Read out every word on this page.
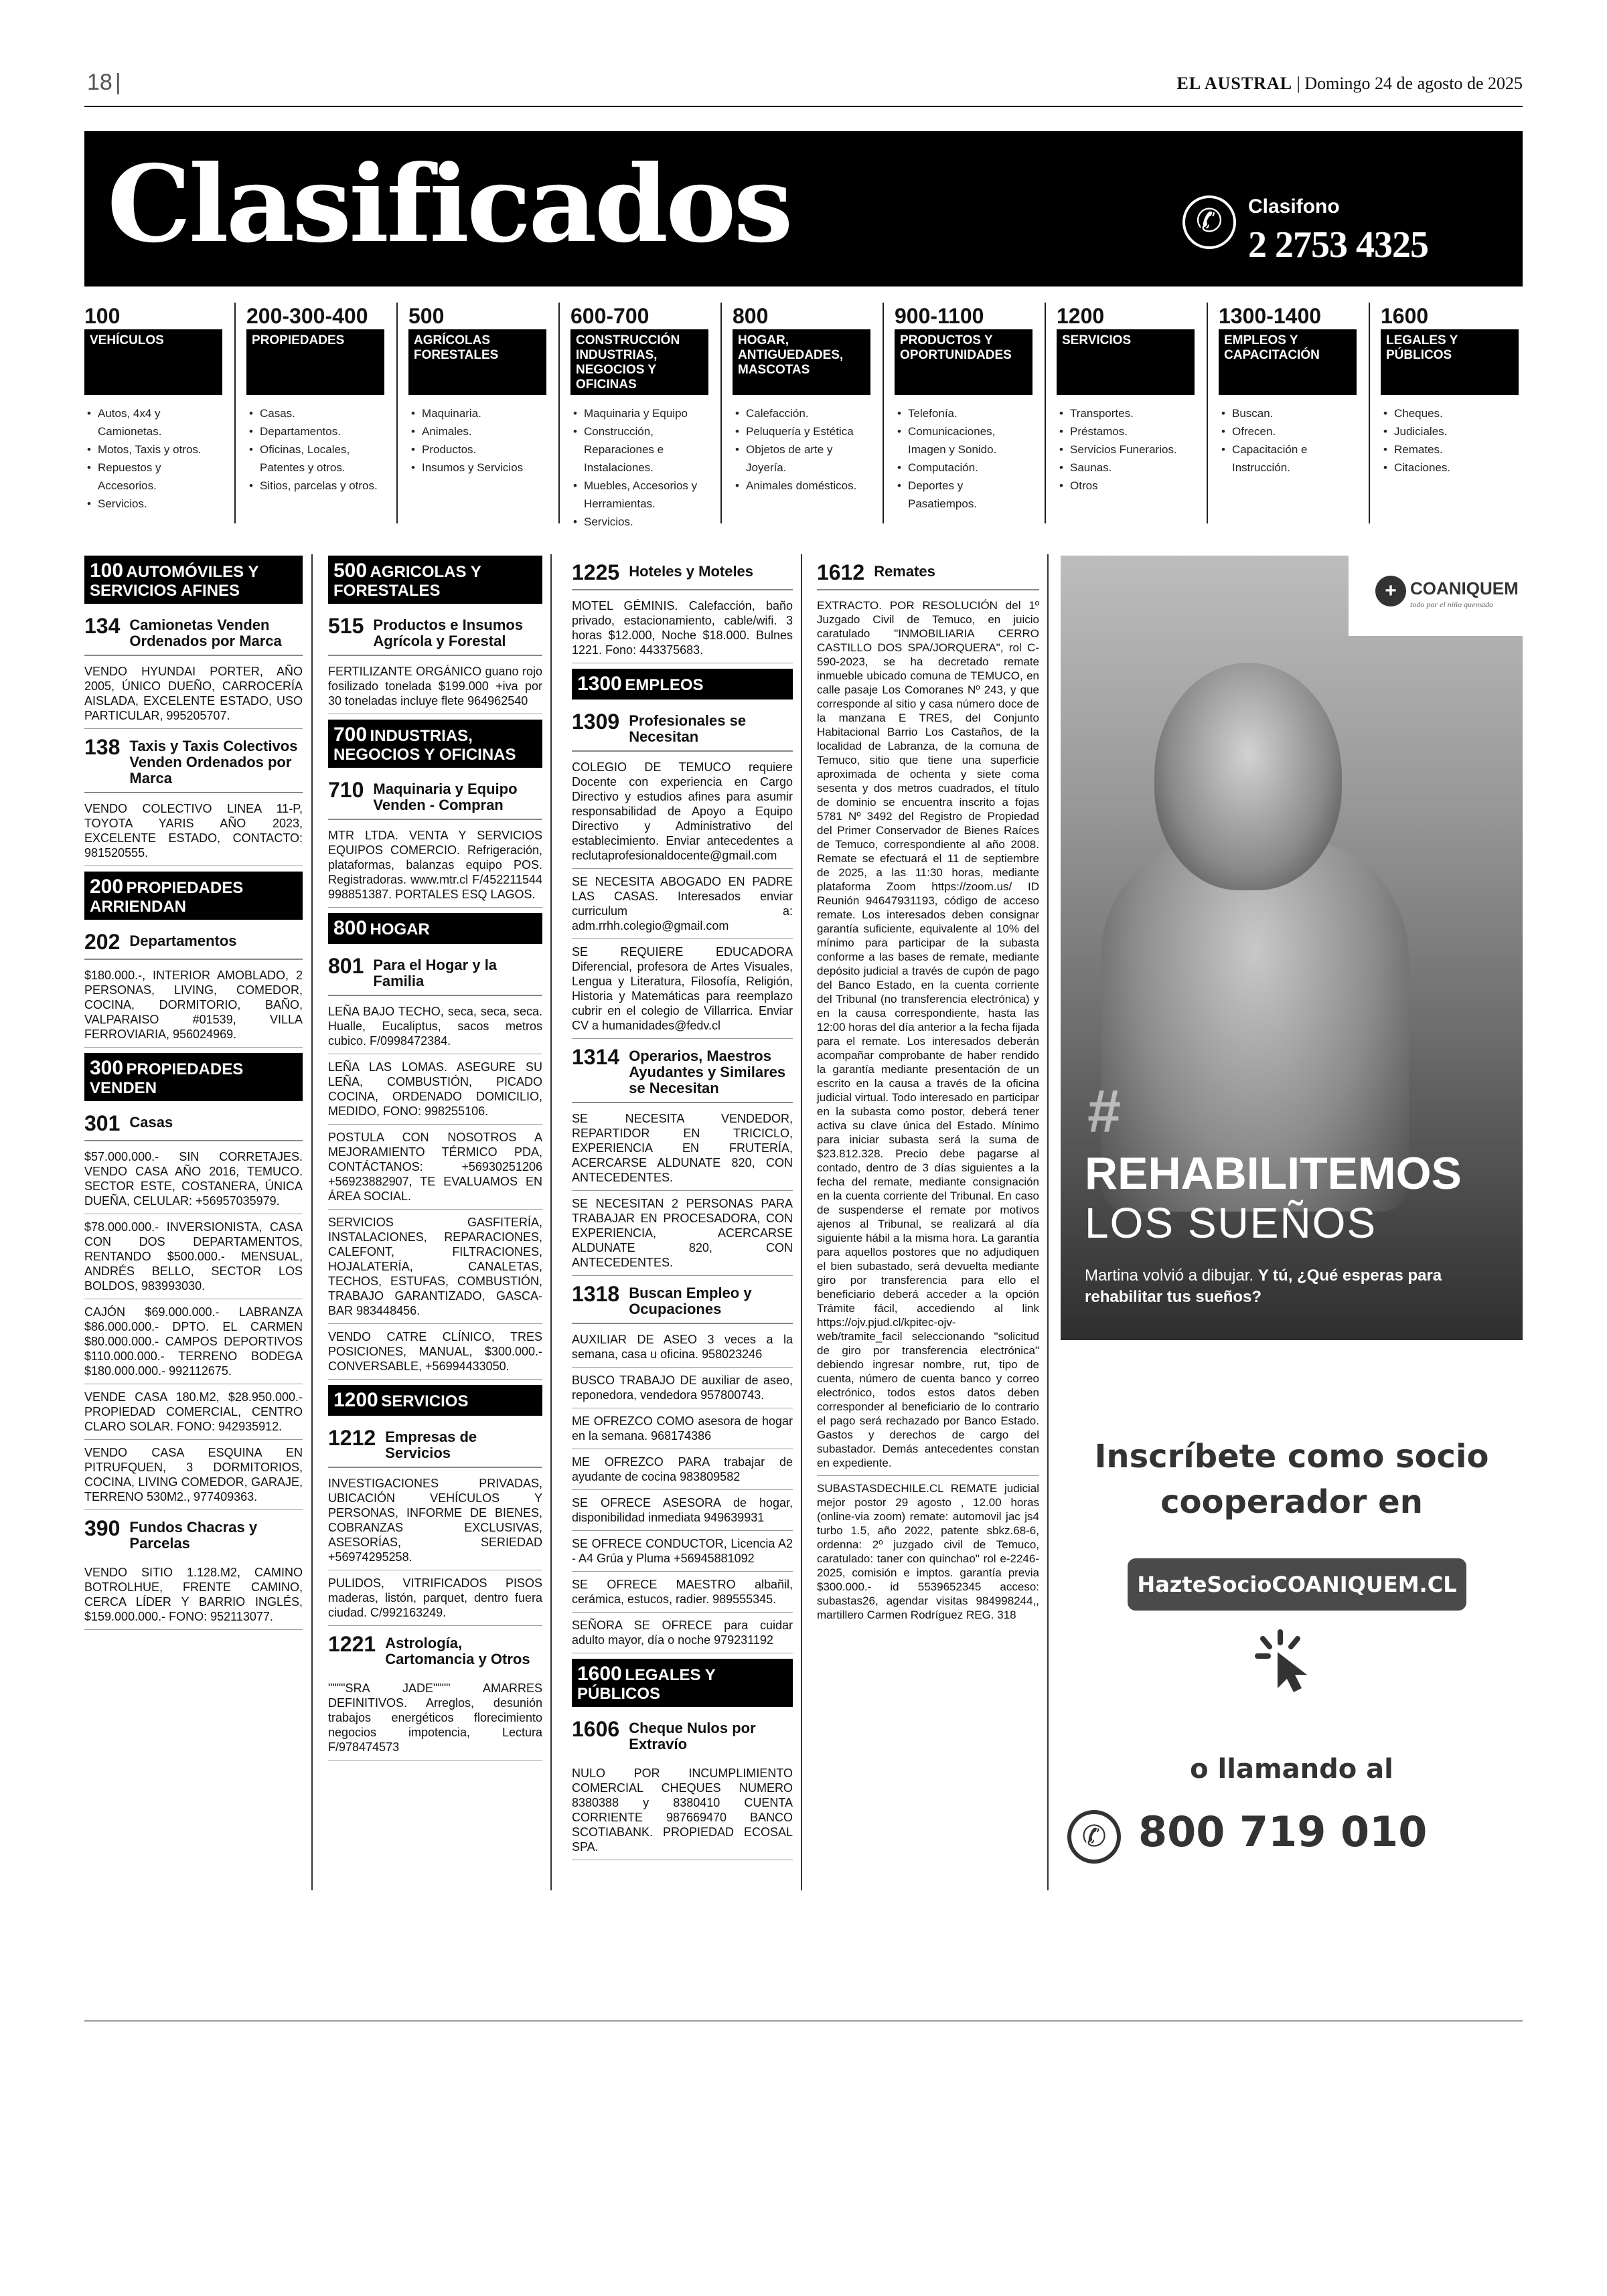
18 |	EL AUSTRAL | Domingo 24 de agosto de 2025
Clasificados	✆	Clasifono
2 2753 4325
100
VEHÍCULOS
• Autos, 4x4 y Camionetas.
• Motos, Taxis y otros.
• Repuestos y Accesorios.
• Servicios.
200-300-400
PROPIEDADES
• Casas.
• Departamentos.
• Oficinas, Locales, Patentes y otros.
• Sitios, parcelas y otros.
500
AGRÍCOLAS FORESTALES
• Maquinaria.
• Animales.
• Productos.
• Insumos y Servicios
600-700
CONSTRUCCIÓN INDUSTRIAS, NEGOCIOS Y OFICINAS
• Maquinaria y Equipo
• Construcción, Reparaciones e Instalaciones.
• Muebles, Accesorios y Herramientas.
• Servicios.
800
HOGAR, ANTIGUEDADES, MASCOTAS
• Calefacción.
• Peluquería y Estética
• Objetos de arte y Joyería.
• Animales domésticos.
900-1100
PRODUCTOS Y OPORTUNIDADES
• Telefonía.
• Comunicaciones, Imagen y Sonido.
• Computación.
• Deportes y Pasatiempos.
1200
SERVICIOS
• Transportes.
• Préstamos.
• Servicios Funerarios.
• Saunas.
• Otros
1300-1400
EMPLEOS Y CAPACITACIÓN
• Buscan.
• Ofrecen.
• Capacitación e Instrucción.
1600
LEGALES Y PÚBLICOS
• Cheques.
• Judiciales.
• Remates.
• Citaciones.
100 AUTOMÓVILES Y SERVICIOS AFINES
134 Camionetas Venden Ordenados por Marca
VENDO HYUNDAI PORTER, AÑO 2005, ÚNICO DUEÑO, CARROCERÍA AISLADA, EXCELENTE ESTADO, USO PARTICULAR, 995205707.
138 Taxis y Taxis Colectivos Venden Ordenados por Marca
VENDO COLECTIVO LINEA 11-P, TOYOTA YARIS AÑO 2023, EXCELENTE ESTADO, CONTACTO: 981520555.
200 PROPIEDADES ARRIENDAN
202 Departamentos
$180.000.-, INTERIOR AMOBLADO, 2 PERSONAS, LIVING, COMEDOR, COCINA, DORMITORIO, BAÑO, VALPARAISO #01539, VILLA FERROVIARIA, 956024969.
300 PROPIEDADES VENDEN
301 Casas
$57.000.000.- SIN CORRETAJES. VENDO CASA AÑO 2016, TEMUCO. SECTOR ESTE, COSTANERA, ÚNICA DUEÑA, CELULAR: +56957035979.
$78.000.000.- INVERSIONISTA, CASA CON DOS DEPARTAMENTOS, RENTANDO $500.000.- MENSUAL, ANDRÉS BELLO, SECTOR LOS BOLDOS, 983993030.
CAJÓN $69.000.000.- LABRANZA $86.000.000.- DPTO. EL CARMEN $80.000.000.- CAMPOS DEPORTIVOS $110.000.000.- TERRENO BODEGA $180.000.000.- 992112675.
VENDE CASA 180.M2, $28.950.000.- PROPIEDAD COMERCIAL, CENTRO CLARO SOLAR. FONO: 942935912.
VENDO CASA ESQUINA EN PITRUFQUEN, 3 DORMITORIOS, COCINA, LIVING COMEDOR, GARAJE, TERRENO 530M2., 977409363.
390 Fundos Chacras y Parcelas
VENDO SITIO 1.128.M2, CAMINO BOTROLHUE, FRENTE CAMINO, CERCA LÍDER Y BARRIO INGLÉS, $159.000.000.- FONO: 952113077.
500 AGRICOLAS Y FORESTALES
515 Productos e Insumos Agrícola y Forestal
FERTILIZANTE ORGÁNICO guano rojo fosilizado tonelada $199.000 +iva por 30 toneladas incluye flete 964962540
700 INDUSTRIAS, NEGOCIOS Y OFICINAS
710 Maquinaria y Equipo Venden - Compran
MTR LTDA. VENTA Y SERVICIOS EQUIPOS COMERCIO. Refrigeración, plataformas, balanzas equipo POS. Registradoras. www.mtr.cl F/452211544 998851387. PORTALES ESQ LAGOS.
800 HOGAR
801 Para el Hogar y la Familia
LEÑA BAJO TECHO, seca, seca, seca. Hualle, Eucaliptus, sacos metros cubico. F/0998472384.
LEÑA LAS LOMAS. ASEGURE SU LEÑA, COMBUSTIÓN, PICADO COCINA, ORDENADO DOMICILIO, MEDIDO, FONO: 998255106.
POSTULA CON NOSOTROS A MEJORAMIENTO TÉRMICO PDA, CONTÁCTANOS: +56930251206 +56923882907, TE EVALUAMOS EN ÁREA SOCIAL.
SERVICIOS GASFITERÍA, INSTALACIONES, REPARACIONES, CALEFONT, FILTRACIONES, HOJALATERÍA, CANALETAS, TECHOS, ESTUFAS, COMBUSTIÓN, TRABAJO GARANTIZADO, GASCA-BAR 983448456.
VENDO CATRE CLÍNICO, TRES POSICIONES, MANUAL, $300.000.- CONVERSABLE, +56994433050.
1200 SERVICIOS
1212 Empresas de Servicios
INVESTIGACIONES PRIVADAS, UBICACIÓN VEHÍCULOS Y PERSONAS, INFORME DE BIENES, COBRANZAS EXCLUSIVAS, ASESORÍAS, SERIEDAD +56974295258.
PULIDOS, VITRIFICADOS PISOS maderas, listón, parquet, dentro fuera ciudad. C/992163249.
1221 Astrología, Cartomancia y Otros
""""SRA JADE"""" AMARRES DEFINITIVOS. Arreglos, desunión trabajos energéticos florecimiento negocios impotencia, Lectura F/978474573
1225 Hoteles y Moteles
MOTEL GÉMINIS. Calefacción, baño privado, estacionamiento, cable/wifi. 3 horas $12.000, Noche $18.000. Bulnes 1221. Fono: 443375683.
1300 EMPLEOS
1309 Profesionales se Necesitan
COLEGIO DE TEMUCO requiere Docente con experiencia en Cargo Directivo y estudios afines para asumir responsabilidad de Apoyo a Equipo Directivo y Administrativo del establecimiento. Enviar antecedentes a reclutaprofesionaldocente@gmail.com
SE NECESITA ABOGADO EN PADRE LAS CASAS. Interesados enviar curriculum a: adm.rrhh.colegio@gmail.com
SE REQUIERE EDUCADORA Diferencial, profesora de Artes Visuales, Lengua y Literatura, Filosofía, Religión, Historia y Matemáticas para reemplazo cubrir en el colegio de Villarrica. Enviar CV a humanidades@fedv.cl
1314 Operarios, Maestros Ayudantes y Similares se Necesitan
SE NECESITA VENDEDOR, REPARTIDOR EN TRICICLO, EXPERIENCIA EN FRUTERÍA, ACERCARSE ALDUNATE 820, CON ANTECEDENTES.
SE NECESITAN 2 PERSONAS PARA TRABAJAR EN PROCESADORA, CON EXPERIENCIA, ACERCARSE ALDUNATE 820, CON ANTECEDENTES.
1318 Buscan Empleo y Ocupaciones
AUXILIAR DE ASEO 3 veces a la semana, casa u oficina. 958023246
BUSCO TRABAJO DE auxiliar de aseo, reponedora, vendedora 957800743.
ME OFREZCO COMO asesora de hogar en la semana. 968174386
ME OFREZCO PARA trabajar de ayudante de cocina 983809582
SE OFRECE ASESORA de hogar, disponibilidad inmediata 949639931
SE OFRECE CONDUCTOR, Licencia A2 - A4 Grúa y Pluma +56945881092
SE OFRECE MAESTRO albañil, cerámica, estucos, radier. 989555345.
SEÑORA SE OFRECE para cuidar adulto mayor, día o noche 979231192
1600 LEGALES Y PÚBLICOS
1606 Cheque Nulos por Extravío
NULO POR INCUMPLIMIENTO COMERCIAL CHEQUES NUMERO 8380388 y 8380410 CUENTA CORRIENTE 987669470 BANCO SCOTIABANK. PROPIEDAD ECOSAL SPA.
1612 Remates
EXTRACTO. POR RESOLUCIÓN del 1º Juzgado Civil de Temuco, en juicio caratulado "INMOBILIARIA CERRO CASTILLO DOS SPA/JORQUERA", rol C-590-2023, se ha decretado remate inmueble ubicado comuna de TEMUCO, en calle pasaje Los Comoranes Nº 243, y que corresponde al sitio y casa número doce de la manzana E TRES, del Conjunto Habitacional Barrio Los Castaños, de la localidad de Labranza, de la comuna de Temuco, sitio que tiene una superficie aproximada de ochenta y siete coma sesenta y dos metros cuadrados, el título de dominio se encuentra inscrito a fojas 5781 Nº 3492 del Registro de Propiedad del Primer Conservador de Bienes Raíces de Temuco, correspondiente al año 2008. Remate se efectuará el 11 de septiembre de 2025, a las 11:30 horas, mediante plataforma Zoom https://zoom.us/ ID Reunión 94647931193, código de acceso remate. Los interesados deben consignar garantía suficiente, equivalente al 10% del mínimo para participar de la subasta conforme a las bases de remate, mediante depósito judicial a través de cupón de pago del Banco Estado, en la cuenta corriente del Tribunal (no transferencia electrónica) y en la causa correspondiente, hasta las 12:00 horas del día anterior a la fecha fijada para el remate. Los interesados deberán acompañar comprobante de haber rendido la garantía mediante presentación de un escrito en la causa a través de la oficina judicial virtual. Todo interesado en participar en la subasta como postor, deberá tener activa su clave única del Estado. Mínimo para iniciar subasta será la suma de $23.812.328. Precio debe pagarse al contado, dentro de 3 días siguientes a la fecha del remate, mediante consignación en la cuenta corriente del Tribunal. En caso de suspenderse el remate por motivos ajenos al Tribunal, se realizará al día siguiente hábil a la misma hora. La garantía para aquellos postores que no adjudiquen el bien subastado, será devuelta mediante giro por transferencia para ello el beneficiario deberá acceder a la opción Trámite fácil, accediendo al link https://ojv.pjud.cl/kpitec-ojv-web/tramite_facil seleccionando "solicitud de giro por transferencia electrónica" debiendo ingresar nombre, rut, tipo de cuenta, número de cuenta banco y correo electrónico, todos estos datos deben corresponder al beneficiario de lo contrario el pago será rechazado por Banco Estado. Gastos y derechos de cargo del subastador. Demás antecedentes constan en expediente.
SUBASTASDECHILE.CL REMATE judicial mejor postor 29 agosto , 12.00 horas (online-via zoom) remate: automovil jac js4 turbo 1.5, año 2022, patente sbkz.68-6, ordenna: 2º juzgado civil de Temuco, caratulado: taner con quinchao" rol e-2246-2025, comisión e imptos. garantía previa $300.000.- id 5539652345 acceso: subastas26, agendar visitas 984998244,, martillero Carmen Rodríguez REG. 318
+ COANIQUEM
todo por el niño quemado
#
REHABILITEMOS
LOS SUEÑOS
Martina volvió a dibujar. Y tú, ¿Qué esperas para rehabilitar tus sueños?
Inscríbete como socio cooperador en
HazteSocioCOANIQUEM.CL
o llamando al
✆ 800 719 010
